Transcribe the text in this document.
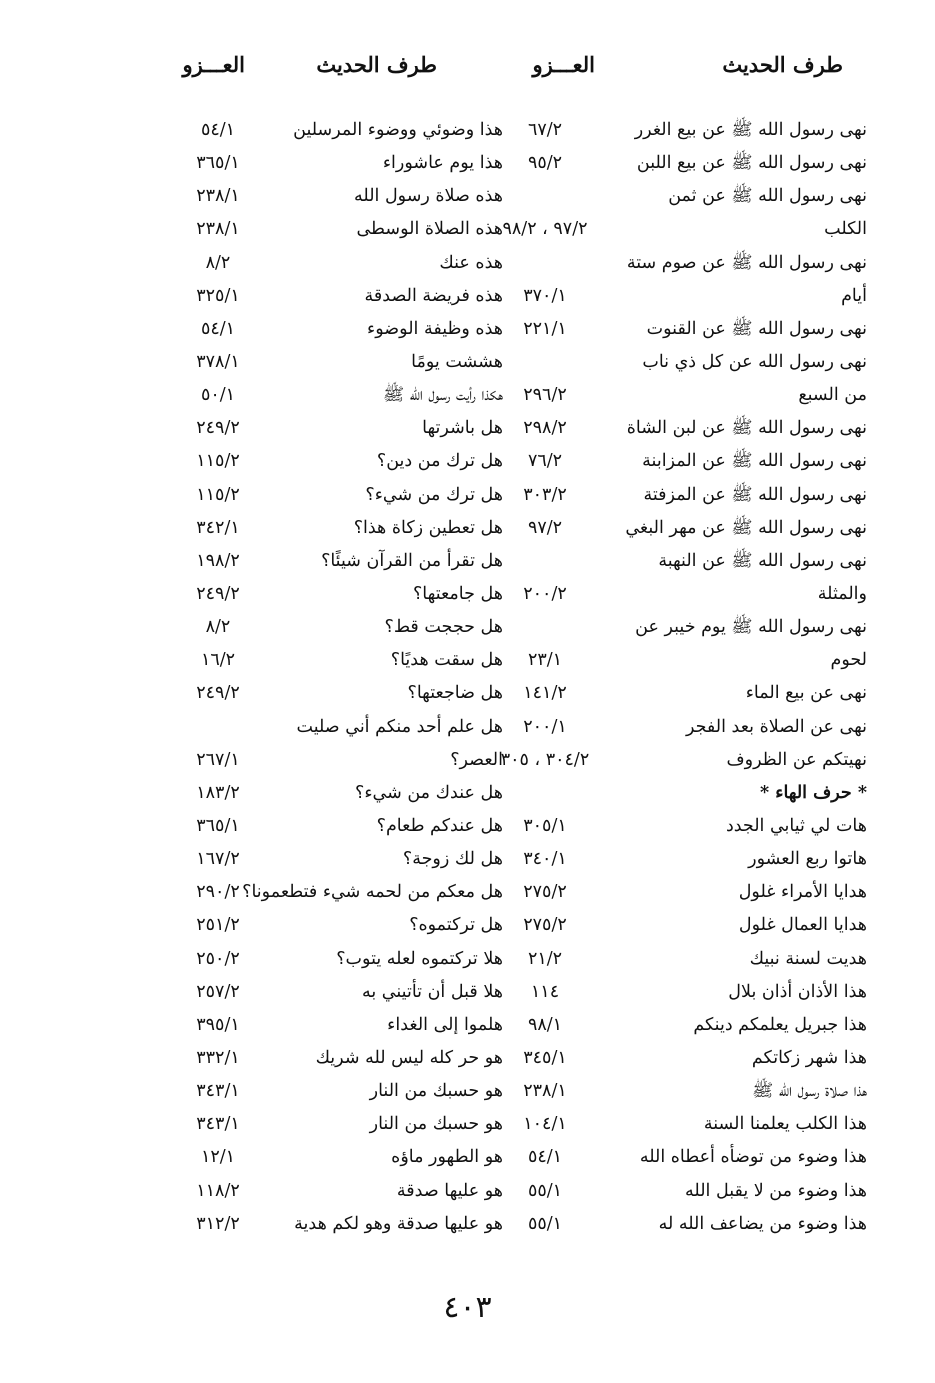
طرف الحديث
العـــزو
طرف الحديث
العـــزو
نهى رسول الله ﷺ عن بيع الغرر
٦٧/٢
هذا وضوئي ووضوء المرسلين
٥٤/١
نهى رسول الله ﷺ عن بيع اللبن
٩٥/٢
هذا يوم عاشوراء
٣٦٥/١
نهى رسول الله ﷺ عن ثمن
هذه صلاة رسول الله
٢٣٨/١
الكلب
٩٧/٢ ، ٩٨/٢
هذه الصلاة الوسطى
٢٣٨/١
نهى رسول الله ﷺ عن صوم ستة
هذه عنك
٨/٢
أيام
٣٧٠/١
هذه فريضة الصدقة
٣٢٥/١
نهى رسول الله ﷺ عن القنوت
٢٢١/١
هذه وظيفة الوضوء
٥٤/١
نهى رسول الله عن كل ذي ناب
هششت يومًا
٣٧٨/١
من السبع
٢٩٦/٢
هكذا رأيت رسول الله ﷺ
٥٠/١
نهى رسول الله ﷺ عن لبن الشاة
٢٩٨/٢
هل باشرتها
٢٤٩/٢
نهى رسول الله ﷺ عن المزابنة
٧٦/٢
هل ترك من دين؟
١١٥/٢
نهى رسول الله ﷺ عن المزفتة
٣٠٣/٢
هل ترك من شيء؟
١١٥/٢
نهى رسول الله ﷺ عن مهر البغي
٩٧/٢
هل تعطين زكاة هذا؟
٣٤٢/١
نهى رسول الله ﷺ عن النهبة
هل تقرأ من القرآن شيئًا؟
١٩٨/٢
والمثلة
٢٠٠/٢
هل جامعتها؟
٢٤٩/٢
نهى رسول الله ﷺ يوم خيبر عن
هل حججت قط؟
٨/٢
لحوم
٢٣/١
هل سقت هديًا؟
١٦/٢
نهى عن بيع الماء
١٤١/٢
هل ضاجعتها؟
٢٤٩/٢
نهى عن الصلاة بعد الفجر
٢٠٠/١
هل علم أحد منكم أني صليت
نهيتكم عن الظروف
٣٠٤/٢ ، ٣٠٥
العصر؟
٢٦٧/١
* حرف الهاء *
هل عندك من شيء؟
١٨٣/٢
هات لي ثيابي الجدد
٣٠٥/١
هل عندكم طعام؟
٣٦٥/١
هاتوا ربع العشور
٣٤٠/١
هل لك زوجة؟
١٦٧/٢
هدايا الأمراء غلول
٢٧٥/٢
هل معكم من لحمه شيء فتطعمونا؟
٢٩٠/٢
هدايا العمال غلول
٢٧٥/٢
هل تركتموه؟
٢٥١/٢
هديت لسنة نبيك
٢١/٢
هلا تركتموه لعله يتوب؟
٢٥٠/٢
هذا الأذان أذان بلال
١١٤
هلا قبل أن تأتيني به
٢٥٧/٢
هذا جبريل يعلمكم دينكم
٩٨/١
هلموا إلى الغداء
٣٩٥/١
هذا شهر زكاتكم
٣٤٥/١
هو حر كله ليس لله شريك
٣٣٢/١
هذا صلاة رسول الله ﷺ
٢٣٨/١
هو حسبك من النار
٣٤٣/١
هذا الكلب يعلمنا السنة
١٠٤/١
هو حسبك من النار
٣٤٣/١
هذا وضوء من توضأه أعطاه الله
٥٤/١
هو الطهور ماؤه
١٢/١
هذا وضوء من لا يقبل الله
٥٥/١
هو عليها صدقة
١١٨/٢
هذا وضوء من يضاعف الله له
٥٥/١
هو عليها صدقة وهو لكم هدية
٣١٢/٢
٤٠٣
